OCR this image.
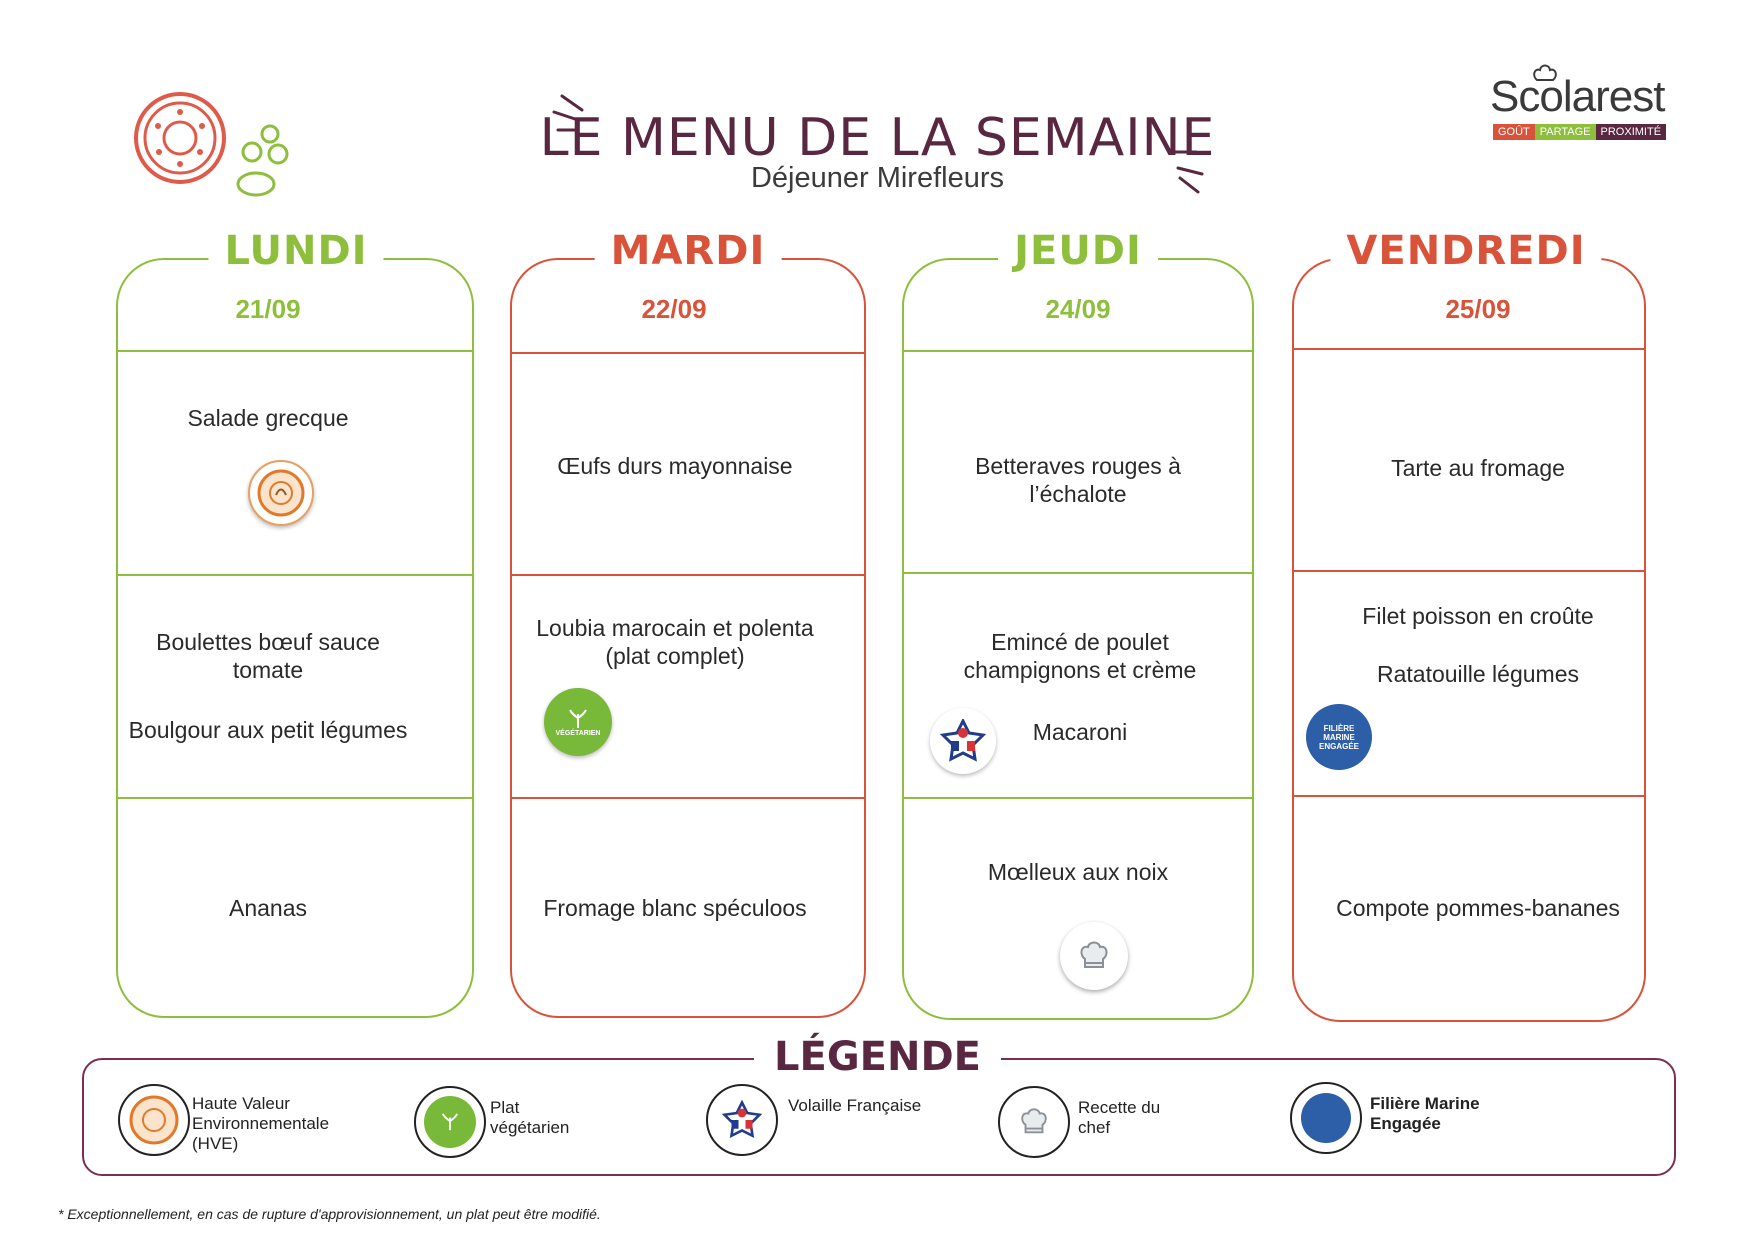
LE MENU DE LA SEMAINE
Déjeuner Mirefleurs
Scolarest
GOÛT PARTAGE PROXIMITÉ
LUNDI
21/09
Salade grecque
Boulettes bœuf sauce tomate
Boulgour aux petit légumes
Ananas
MARDI
22/09
Œufs durs mayonnaise
Loubia marocain et polenta (plat complet)
VÉGÉTARIEN
Fromage blanc spéculoos
JEUDI
24/09
Betteraves rouges à l’échalote
Emincé de poulet champignons et crème
Macaroni
Mœlleux aux noix
VENDREDI
25/09
Tarte au fromage
Filet poisson en croûte
Ratatouille légumes
FILIÈRE MARINE ENGAGÉE
Compote pommes-bananes
LÉGENDE
Haute Valeur Environnementale (HVE)
Plat végétarien
Volaille Française	Recette du chef
Filière Marine Engagée
* Exceptionnellement, en cas de rupture d'approvisionnement, un plat peut être modifié.
